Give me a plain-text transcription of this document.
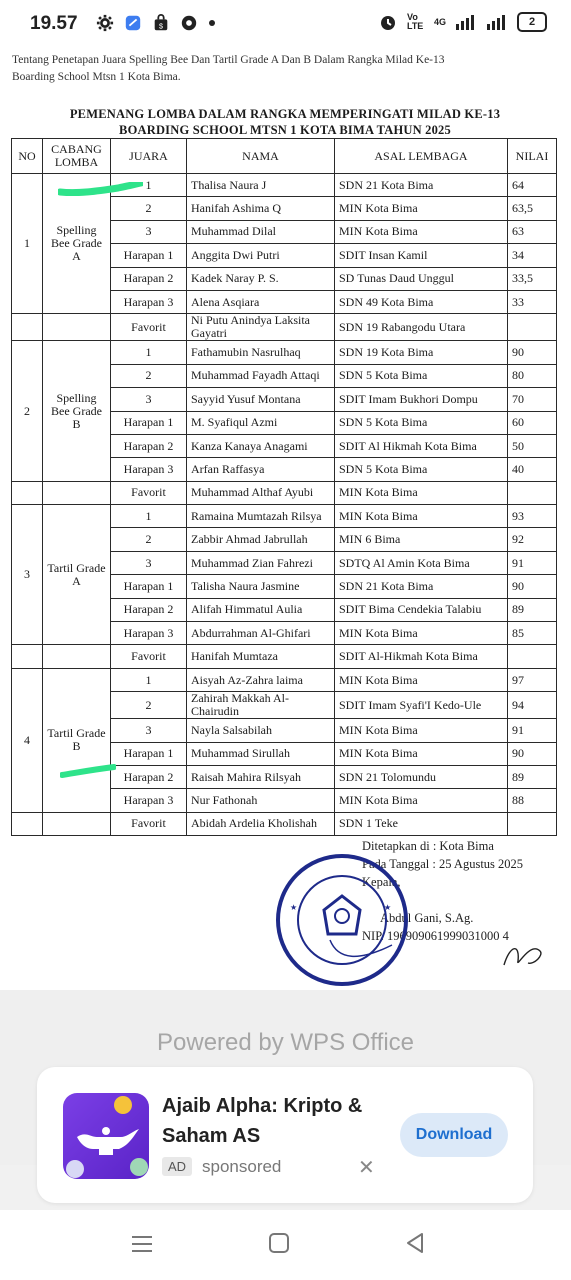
19.57	$
Vo LTE 4G	2
Tentang Penetapan Juara Spelling Bee Dan Tartil Grade A Dan B Dalam Rangka Milad Ke-13
Boarding School Mtsn 1 Kota Bima.
PEMENANG LOMBA DALAM RANGKA MEMPERINGATI MILAD KE-13
BOARDING SCHOOL MTSN 1 KOTA BIMA TAHUN 2025
NO	CABANG LOMBA	JUARA	NAMA	ASAL LEMBAGA	NILAI
1	Spelling Bee Grade A	1	Thalisa Naura J	SDN 21 Kota Bima	64
		2	Hanifah Ashima Q	MIN Kota Bima	63,5
		3	Muhammad Dilal	MIN Kota Bima	63
		Harapan 1	Anggita Dwi Putri	SDIT Insan Kamil	34
		Harapan 2	Kadek Naray P. S.	SD Tunas Daud Unggul	33,5
		Harapan 3	Alena Asqiara	SDN 49 Kota Bima	33
		Favorit	Ni Putu Anindya Laksita Gayatri	SDN 19 Rabangodu Utara	
2	Spelling Bee Grade B	1	Fathamubin Nasrulhaq	SDN 19 Kota Bima	90
		2	Muhammad Fayadh Attaqi	SDN 5 Kota Bima	80
		3	Sayyid Yusuf Montana	SDIT Imam Bukhori Dompu	70
		Harapan 1	M. Syafiqul Azmi	SDN 5 Kota Bima	60
		Harapan 2	Kanza Kanaya Anagami	SDIT Al Hikmah Kota Bima	50
		Harapan 3	Arfan Raffasya	SDN 5 Kota Bima	40
		Favorit	Muhammad Althaf Ayubi	MIN Kota Bima	
3	Tartil Grade A	1	Ramaina Mumtazah Rilsya	MIN Kota Bima	93
		2	Zabbir Ahmad Jabrullah	MIN 6 Bima	92
		3	Muhammad Zian Fahrezi	SDTQ Al Amin Kota Bima	91
		Harapan 1	Talisha Naura Jasmine	SDN 21 Kota Bima	90
		Harapan 2	Alifah Himmatul Aulia	SDIT Bima Cendekia Talabiu	89
		Harapan 3	Abdurrahman Al-Ghifari	MIN Kota Bima	85
		Favorit	Hanifah Mumtaza	SDIT Al-Hikmah Kota Bima	
4	Tartil Grade B	1	Aisyah Az-Zahra laima	MIN Kota Bima	97
		2	Zahirah Makkah Al-Chairudin	SDIT Imam Syafi'I Kedo-Ule	94
		3	Nayla Salsabilah	MIN Kota Bima	91
		Harapan 1	Muhammad Sirullah	MIN Kota Bima	90
		Harapan 2	Raisah Mahira Rilsyah	SDN 21 Tolomundu	89
		Harapan 3	Nur Fathonah	MIN Kota Bima	88
		Favorit	Abidah Ardelia Kholishah	SDN 1 Teke	
Ditetapkan di : Kota Bima
Pada Tanggal : 25 Agustus 2025
Kepala,
Abdul Gani, S.Ag.
NIP. 196909061999031000 4
★	★
Powered by WPS Office
Ajaib Alpha: Kripto & Saham AS
AD sponsored	✕
Download
